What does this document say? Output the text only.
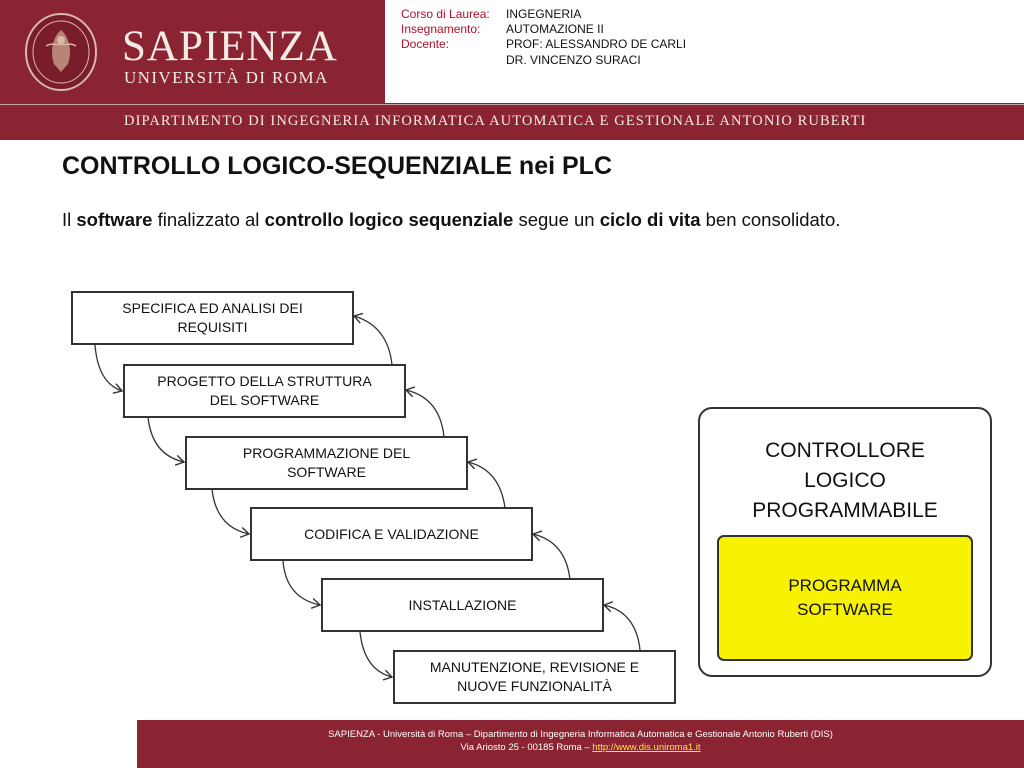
SAPIENZA
UNIVERSITÀ DI ROMA
Corso di Laurea: INGEGNERIA
Insegnamento: AUTOMAZIONE II
Docente:	PROF: ALESSANDRO DE CARLI
DR. VINCENZO SURACI
DIPARTIMENTO DI INGEGNERIA INFORMATICA AUTOMATICA E GESTIONALE ANTONIO RUBERTI
CONTROLLO LOGICO-SEQUENZIALE nei PLC
Il software finalizzato al controllo logico sequenziale segue un ciclo di vita ben consolidato.
SPECIFICA ED ANALISI DEI
REQUISITI
PROGETTO DELLA STRUTTURA
DEL SOFTWARE
PROGRAMMAZIONE DEL
SOFTWARE
CODIFICA E VALIDAZIONE
INSTALLAZIONE
MANUTENZIONE, REVISIONE E
NUOVE FUNZIONALITÀ
CONTROLLORE
LOGICO
PROGRAMMABILE
PROGRAMMA
SOFTWARE
SAPIENZA - Università di Roma – Dipartimento di Ingegneria Informatica Automatica e Gestionale Antonio Ruberti (DIS)
Via Ariosto 25 - 00185 Roma – http://www.dis.uniroma1.it
